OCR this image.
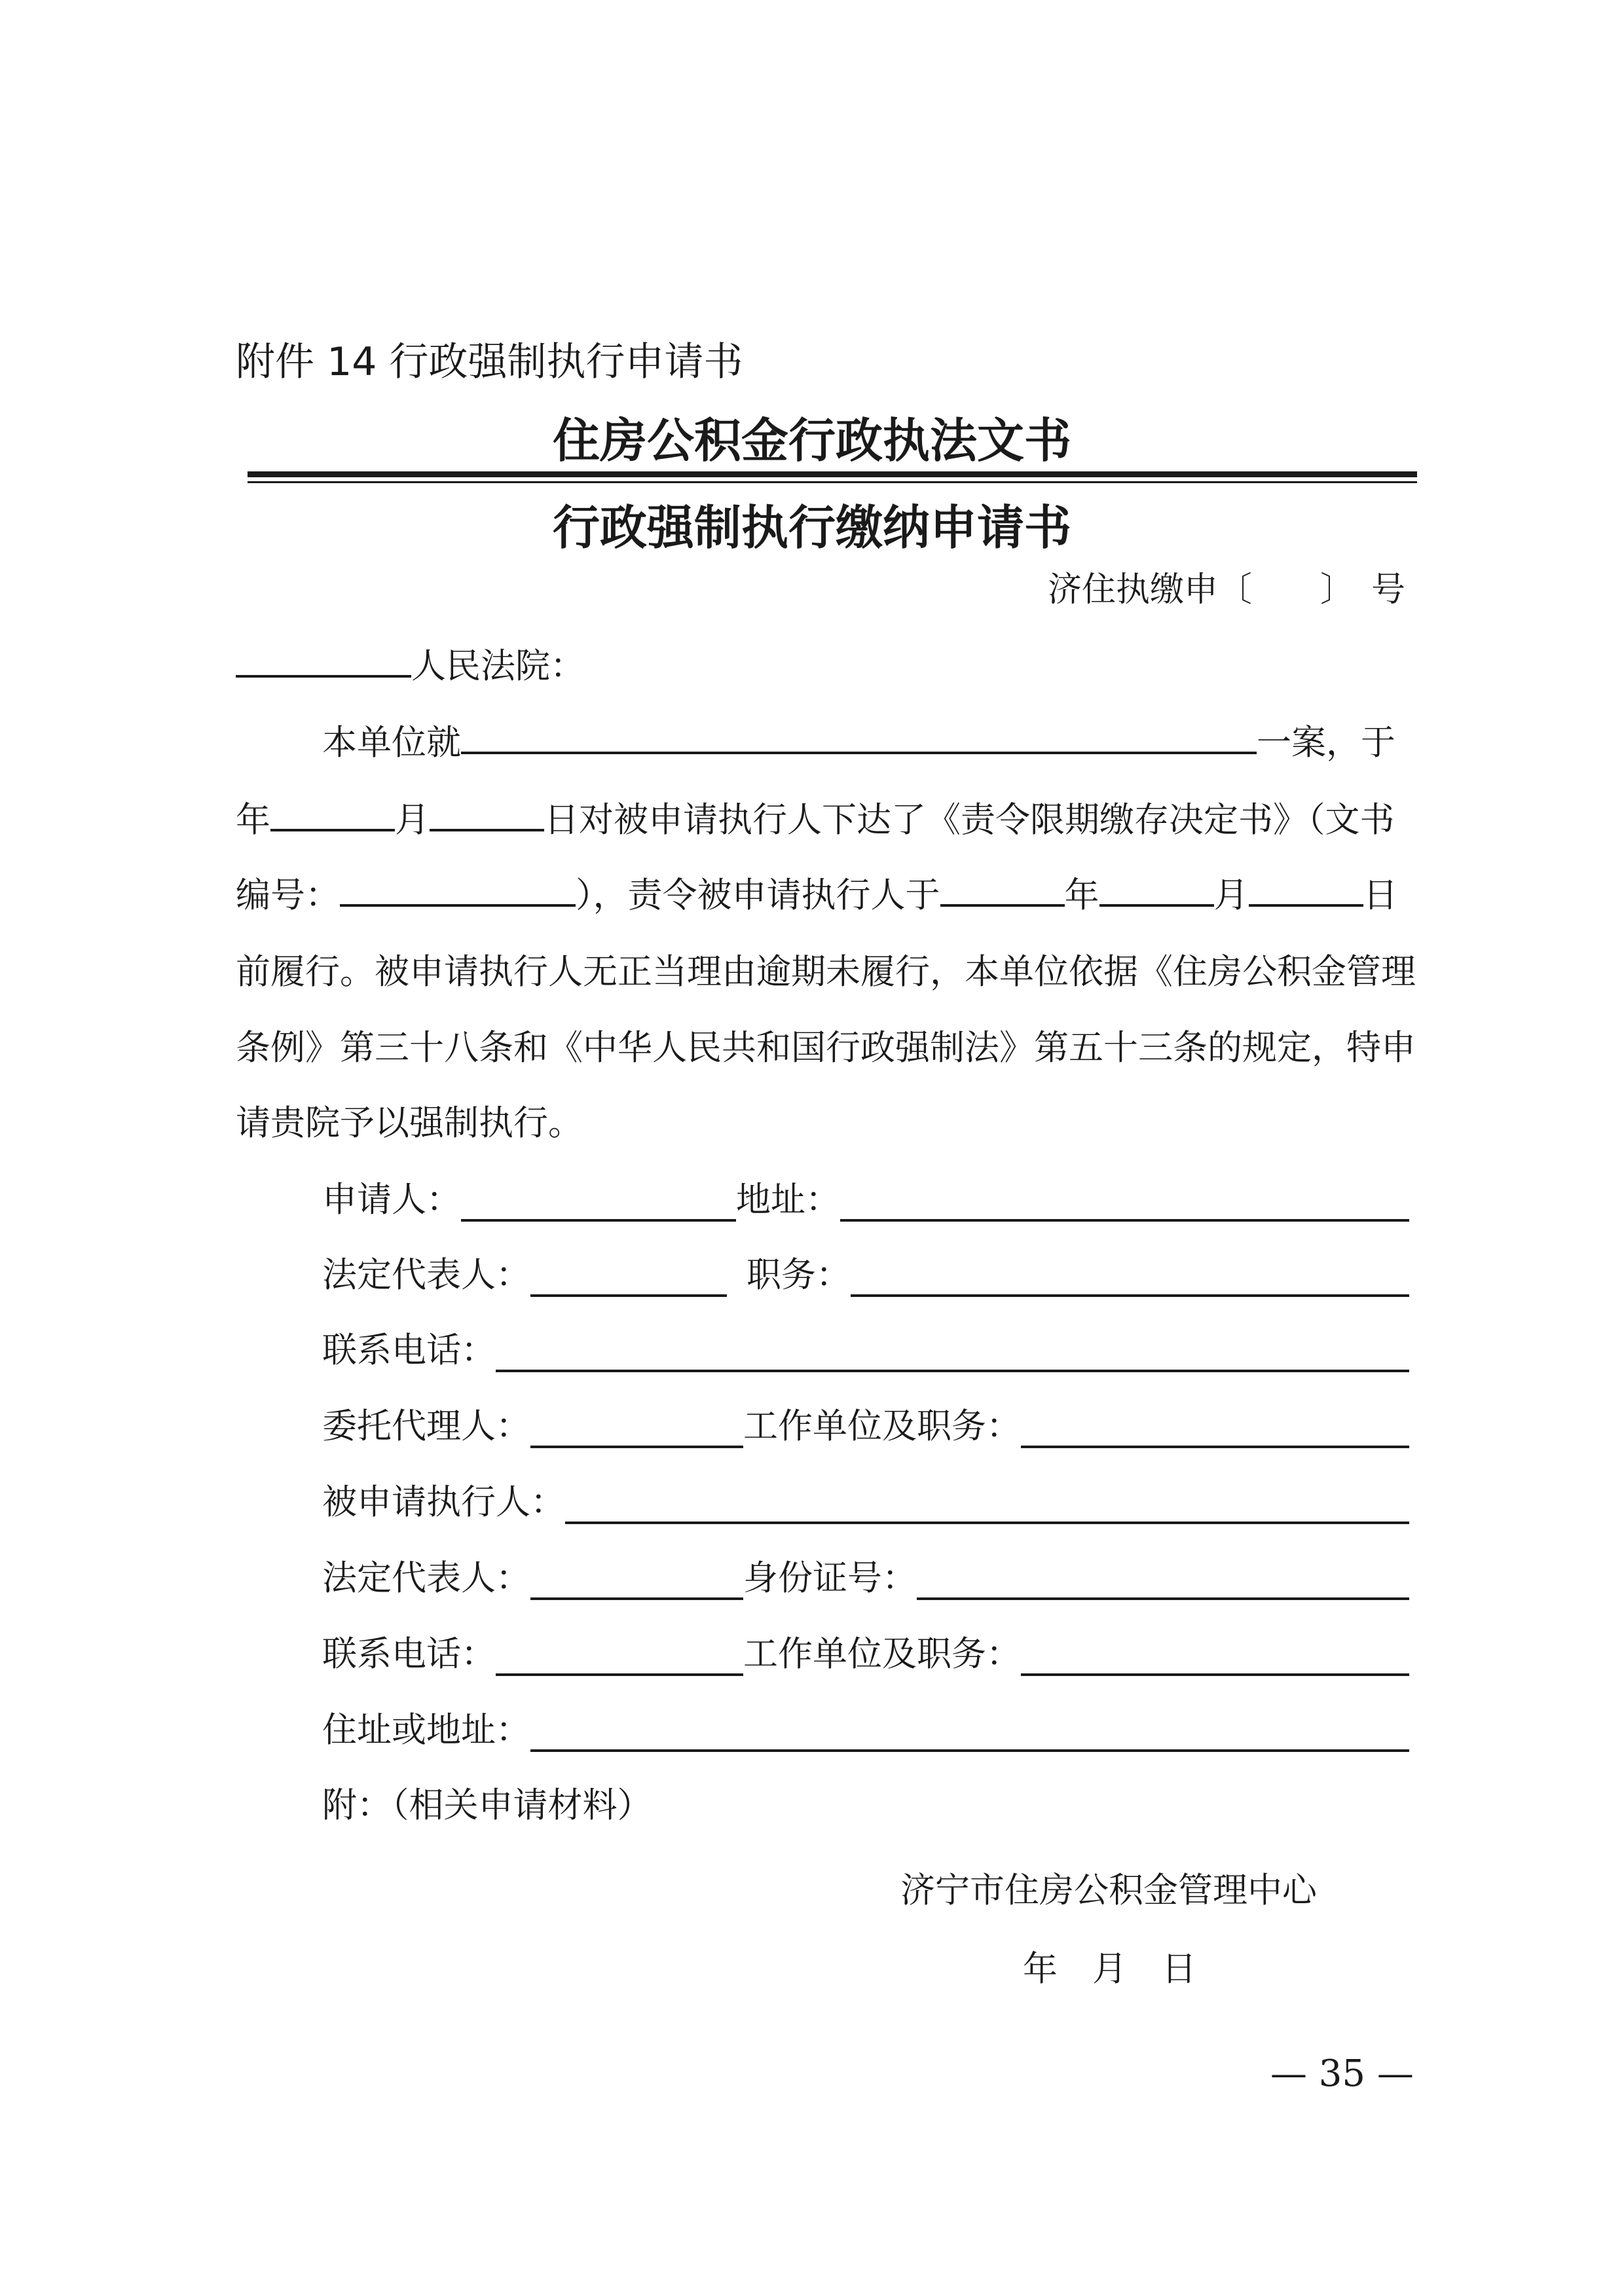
附件 14 行政强制执行申请书
住房公积金行政执法文书
行政强制执行缴纳申请书
济住执缴申〔　　〕　号
人民法院：
本单位就	一案，于
年	月	日对被申请执行人下达了《责令限期缴存决定书》（文书
编号：	），责令被申请执行人于	年	月	日
前履行。被申请执行人无正当理由逾期未履行，本单位依据《住房公积金管理
条例》第三十八条和《中华人民共和国行政强制法》第五十三条的规定，特申
请贵院予以强制执行。
申请人：	地址：
法定代表人：	职务：
联系电话：
委托代理人：	工作单位及职务：
被申请执行人：
法定代表人：	身份证号：
联系电话：	工作单位及职务：
住址或地址：
附：（相关申请材料）
济宁市住房公积金管理中心
年　月　日
— 35 —
